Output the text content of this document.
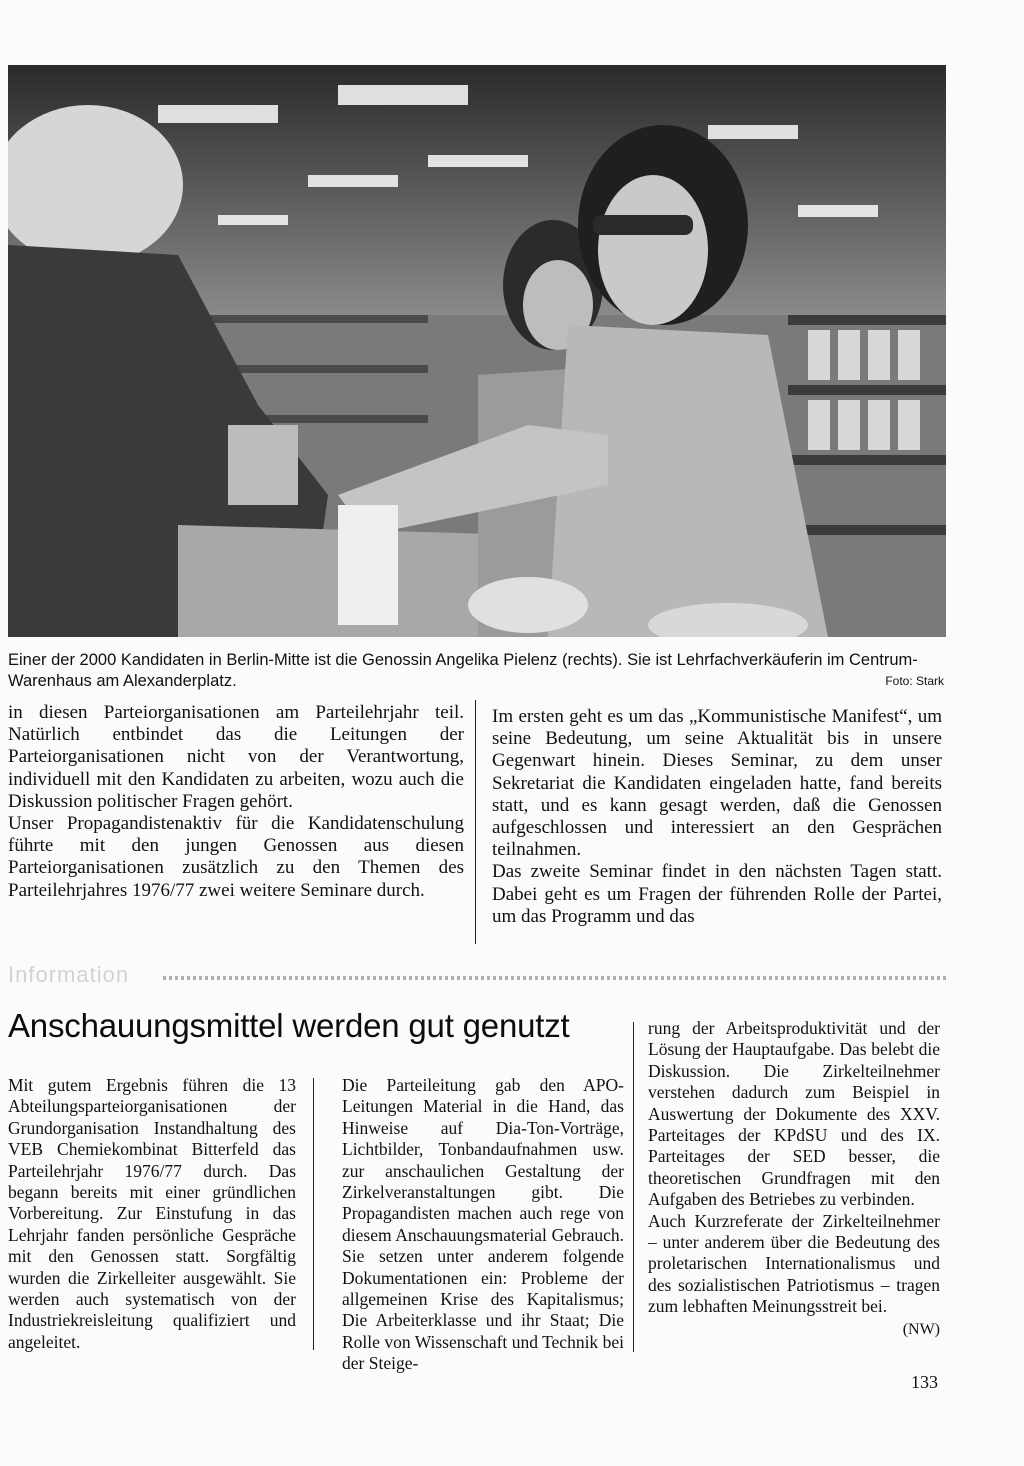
Einer der 2000 Kandidaten in Berlin-Mitte ist die Genossin Angelika Pielenz (rechts). Sie ist Lehrfachverkäuferin im Centrum-Warenhaus am Alexanderplatz.	Foto: Stark

in diesen Parteiorganisationen am Parteilehrjahr teil. Natürlich entbindet das die Leitungen der Parteiorganisationen nicht von der Verantwortung, individuell mit den Kandidaten zu arbeiten, wozu auch die Diskussion politischer Fragen gehört.

Unser Propagandistenaktiv für die Kandidatenschulung führte mit den jungen Genossen aus diesen Parteiorganisationen zusätzlich zu den Themen des Parteilehrjahres 1976/77 zwei weitere Seminare durch.

Im ersten geht es um das „Kommunistische Manifest“, um seine Bedeutung, um seine Aktualität bis in unsere Gegenwart hinein. Dieses Seminar, zu dem unser Sekretariat die Kandidaten eingeladen hatte, fand bereits statt, und es kann gesagt werden, daß die Genossen aufgeschlossen und interessiert an den Gesprächen teilnahmen.

Das zweite Seminar findet in den nächsten Tagen statt. Dabei geht es um Fragen der führenden Rolle der Partei, um das Programm und das

Information
Anschauungsmittel werden gut genutzt

Mit gutem Ergebnis führen die 13 Abteilungsparteiorganisationen der Grundorganisation Instandhaltung des VEB Chemiekombinat Bitterfeld das Parteilehrjahr 1976/77 durch. Das begann bereits mit einer gründlichen Vorbereitung. Zur Einstufung in das Lehrjahr fanden persönliche Gespräche mit den Genossen statt. Sorgfältig wurden die Zirkelleiter ausgewählt. Sie werden auch systematisch von der Industriekreisleitung qualifiziert und angeleitet.

Die Parteileitung gab den APO-Leitungen Material in die Hand, das Hinweise auf Dia-Ton-Vorträge, Lichtbilder, Tonbandaufnahmen usw. zur anschaulichen Gestaltung der Zirkelveranstaltungen gibt. Die Propagandisten machen auch rege von diesem Anschauungsmaterial Gebrauch. Sie setzen unter anderem folgende Dokumentationen ein: Probleme der allgemeinen Krise des Kapitalismus; Die Arbeiterklasse und ihr Staat; Die Rolle von Wissenschaft und Technik bei der Steige-

rung der Arbeitsproduktivität und der Lösung der Hauptaufgabe. Das belebt die Diskussion. Die Zirkelteilnehmer verstehen dadurch zum Beispiel in Auswertung der Dokumente des XXV. Parteitages der KPdSU und des IX. Parteitages der SED besser, die theoretischen Grundfragen mit den Aufgaben des Betriebes zu verbinden.

Auch Kurzreferate der Zirkelteilnehmer – unter anderem über die Bedeutung des proletarischen Internationalismus und des sozialistischen Patriotismus – tragen zum lebhaften Meinungsstreit bei.

(NW)
133
